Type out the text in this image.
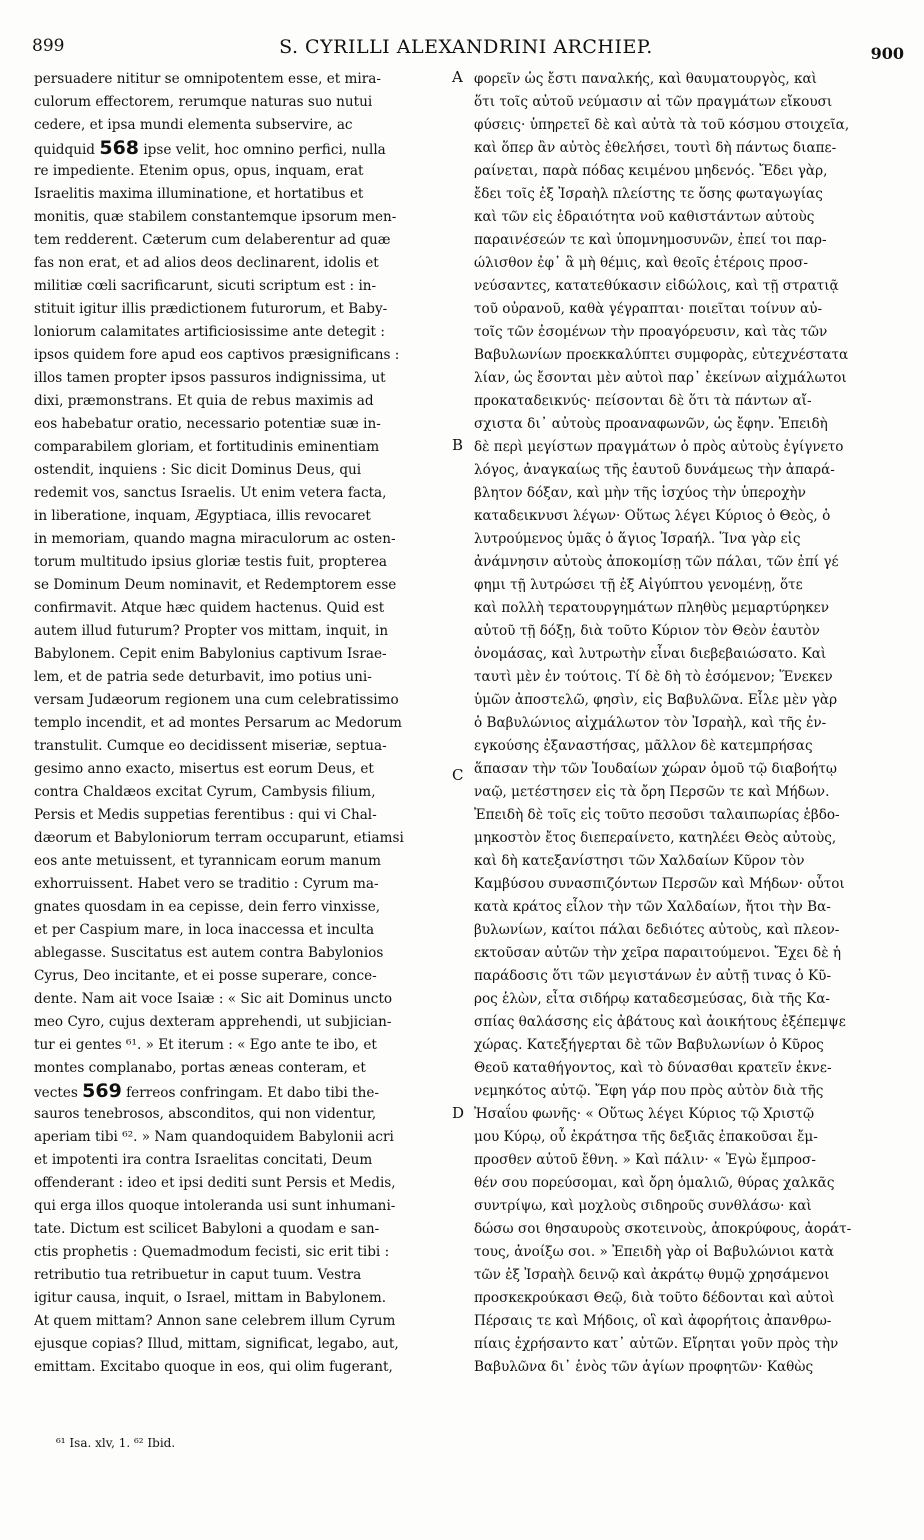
899	S. CYRILLI ALEXANDRINI ARCHIEP.	900
persuadere nititur se omnipotentem esse, et mira-
culorum effectorem, rerumque naturas suo nutui
cedere, et ipsa mundi elementa subservire, ac
quidquid 568 ipse velit, hoc omnino perfici, nulla
re impediente. Etenim opus, opus, inquam, erat
Israelitis maxima illuminatione, et hortatibus et
monitis, quæ stabilem constantemque ipsorum men-
tem redderent. Cæterum cum delaberentur ad quæ
fas non erat, et ad alios deos declinarent, idolis et
militiæ cœli sacrificarunt, sicuti scriptum est : in-
stituit igitur illis prædictionem futurorum, et Baby-
loniorum calamitates artificiosissime ante detegit :
ipsos quidem fore apud eos captivos præsignificans :
illos tamen propter ipsos passuros indignissima, ut
dixi, præmonstrans. Et quia de rebus maximis ad
eos habebatur oratio, necessario potentiæ suæ in-
comparabilem gloriam, et fortitudinis eminentiam
ostendit, inquiens : Sic dicit Dominus Deus, qui
redemit vos, sanctus Israelis. Ut enim vetera facta,
in liberatione, inquam, Ægyptiaca, illis revocaret
in memoriam, quando magna miraculorum ac osten-
torum multitudo ipsius gloriæ testis fuit, propterea
se Dominum Deum nominavit, et Redemptorem esse
confirmavit. Atque hæc quidem hactenus. Quid est
autem illud futurum? Propter vos mittam, inquit, in
Babylonem. Cepit enim Babylonius captivum Israe-
lem, et de patria sede deturbavit, imo potius uni-
versam Judæorum regionem una cum celebratissimo
templo incendit, et ad montes Persarum ac Medorum
transtulit. Cumque eo decidissent miseriæ, septua-
gesimo anno exacto, misertus est eorum Deus, et
contra Chaldæos excitat Cyrum, Cambysis filium,
Persis et Medis suppetias ferentibus : qui vi Chal-
dæorum et Babyloniorum terram occuparunt, etiamsi
eos ante metuissent, et tyrannicam eorum manum
exhorruissent. Habet vero se traditio : Cyrum ma-
gnates quosdam in ea cepisse, dein ferro vinxisse,
et per Caspium mare, in loca inaccessa et inculta
ablegasse. Suscitatus est autem contra Babylonios
Cyrus, Deo incitante, et ei posse superare, conce-
dente. Nam ait voce Isaiæ : « Sic ait Dominus uncto
meo Cyro, cujus dexteram apprehendi, ut subjician-
tur ei gentes ⁶¹. » Et iterum : « Ego ante te ibo, et
montes complanabo, portas æneas conteram, et
vectes 569 ferreos confringam. Et dabo tibi the-
sauros tenebrosos, absconditos, qui non videntur,
aperiam tibi ⁶². » Nam quandoquidem Babylonii acri
et impotenti ira contra Israelitas concitati, Deum
offenderant : ideo et ipsi dediti sunt Persis et Medis,
qui erga illos quoque intoleranda usi sunt inhumani-
tate. Dictum est scilicet Babyloni a quodam e san-
ctis prophetis : Quemadmodum fecisti, sic erit tibi :
retributio tua retribuetur in caput tuum. Vestra
igitur causa, inquit, o Israel, mittam in Babylonem.
At quem mittam? Annon sane celebrem illum Cyrum
ejusque copias? Illud, mittam, significat, legabo, aut,
emittam. Excitabo quoque in eos, qui olim fugerant,
φορεῖν ὡς ἔστι παναλκής, καὶ θαυματουργὸς, καὶ
ὅτι τοῖς αὐτοῦ νεύμασιν αἱ τῶν πραγμάτων εἴκουσι
φύσεις· ὑπηρετεῖ δὲ καὶ αὐτὰ τὰ τοῦ κόσμου στοιχεῖα,
καὶ ὅπερ ἂν αὐτὸς ἐθελήσει, τουτὶ δὴ πάντως διαπε-
ραίνεται, παρὰ πόδας κειμένου μηδενός. Ἔδει γὰρ,
ἔδει τοῖς ἐξ Ἰσραὴλ πλείστης τε ὅσης φωταγωγίας
καὶ τῶν εἰς ἑδραιότητα νοῦ καθιστάντων αὐτοὺς
παραινέσεών τε καὶ ὑπομνημοσυνῶν, ἐπεί τοι παρ-
ώλισθον ἐφ᾽ ἃ μὴ θέμις, καὶ θεοῖς ἑτέροις προσ-
νεύσαντες, κατατεθύκασιν εἰδώλοις, καὶ τῇ στρατιᾷ
τοῦ οὐρανοῦ, καθὰ γέγραπται· ποιεῖται τοίνυν αὐ-
τοῖς τῶν ἐσομένων τὴν προαγόρευσιν, καὶ τὰς τῶν
Βαβυλωνίων προεκκαλύπτει συμφορὰς, εὐτεχνέστατα
λίαν, ὡς ἔσονται μὲν αὐτοὶ παρ᾽ ἐκείνων αἰχμάλωτοι
προκαταδεικνύς· πείσονται δὲ ὅτι τὰ πάντων αἴ-
σχιστα δι᾽ αὐτοὺς προαναφωνῶν, ὡς ἔφην. Ἐπειδὴ
δὲ περὶ μεγίστων πραγμάτων ὁ πρὸς αὐτοὺς ἐγίγνετο
λόγος, ἀναγκαίως τῆς ἑαυτοῦ δυνάμεως τὴν ἀπαρά-
βλητον δόξαν, καὶ μὴν τῆς ἰσχύος τὴν ὑπεροχὴν
καταδεικνυσι λέγων· Οὕτως λέγει Κύριος ὁ Θεὸς, ὁ
λυτρούμενος ὑμᾶς ὁ ἅγιος Ἰσραήλ. Ἵνα γὰρ εἰς
ἀνάμνησιν αὐτοὺς ἀποκομίσῃ τῶν πάλαι, τῶν ἐπί γέ
φημι τῇ λυτρώσει τῇ ἐξ Αἰγύπτου γενομένῃ, ὅτε
καὶ πολλὴ τερατουργημάτων πληθὺς μεμαρτύρηκεν
αὐτοῦ τῇ δόξῃ, διὰ τοῦτο Κύριον τὸν Θεὸν ἑαυτὸν
ὀνομάσας, καὶ λυτρωτὴν εἶναι διεβεβαιώσατο. Καὶ
ταυτὶ μὲν ἐν τούτοις. Τί δὲ δὴ τὸ ἐσόμενον; Ἕνεκεν
ὑμῶν ἀποστελῶ, φησὶν, εἰς Βαβυλῶνα. Εἷλε μὲν γὰρ
ὁ Βαβυλώνιος αἰχμάλωτον τὸν Ἰσραὴλ, καὶ τῆς ἐν-
εγκούσης ἐξαναστήσας, μᾶλλον δὲ κατεμπρήσας
ἅπασαν τὴν τῶν Ἰουδαίων χώραν ὁμοῦ τῷ διαβοήτῳ
ναῷ, μετέστησεν εἰς τὰ ὄρη Περσῶν τε καὶ Μήδων.
Ἐπειδὴ δὲ τοῖς εἰς τοῦτο πεσοῦσι ταλαιπωρίας ἑβδο-
μηκοστὸν ἔτος διεπεραίνετο, κατηλέει Θεὸς αὐτοὺς,
καὶ δὴ κατεξανίστησι τῶν Χαλδαίων Κῦρον τὸν
Καμβύσου συνασπιζόντων Περσῶν καὶ Μήδων· οὗτοι
κατὰ κράτος εἷλον τὴν τῶν Χαλδαίων, ἤτοι τὴν Βα-
βυλωνίων, καίτοι πάλαι δεδιότες αὐτοὺς, καὶ πλεον-
εκτοῦσαν αὐτῶν τὴν χεῖρα παραιτούμενοι. Ἔχει δὲ ἡ
παράδοσις ὅτι τῶν μεγιστάνων ἐν αὐτῇ τινας ὁ Κῦ-
ρος ἑλὼν, εἶτα σιδήρῳ καταδεσμεύσας, διὰ τῆς Κα-
σπίας θαλάσσης εἰς ἀβάτους καὶ ἀοικήτους ἐξέπεμψε
χώρας. Κατεξήγερται δὲ τῶν Βαβυλωνίων ὁ Κῦρος
Θεοῦ καταθήγοντος, καὶ τὸ δύνασθαι κρατεῖν ἐκνε-
νεμηκότος αὐτῷ. Ἔφη γάρ που πρὸς αὐτὸν διὰ τῆς
Ἠσαΐου φωνῆς· « Οὕτως λέγει Κύριος τῷ Χριστῷ
μου Κύρῳ, οὗ ἐκράτησα τῆς δεξιᾶς ἐπακοῦσαι ἔμ-
προσθεν αὐτοῦ ἔθνη. » Καὶ πάλιν· « Ἐγὼ ἔμπροσ-
θέν σου πορεύσομαι, καὶ ὄρη ὁμαλιῶ, θύρας χαλκᾶς
συντρίψω, καὶ μοχλοὺς σιδηροῦς συνθλάσω· καὶ
δώσω σοι θησαυροὺς σκοτεινοὺς, ἀποκρύφους, ἀοράτ-
τους, ἀνοίξω σοι. » Ἐπειδὴ γὰρ οἱ Βαβυλώνιοι κατὰ
τῶν ἐξ Ἰσραὴλ δεινῷ καὶ ἀκράτῳ θυμῷ χρησάμενοι
προσκεκρούκασι Θεῷ, διὰ τοῦτο δέδονται καὶ αὐτοὶ
Πέρσαις τε καὶ Μήδοις, οἳ καὶ ἀφορήτοις ἀπανθρω-
πίαις ἐχρήσαντο κατ᾽ αὐτῶν. Εἴρηται γοῦν πρὸς τὴν
Βαβυλῶνα δι᾽ ἑνὸς τῶν ἁγίων προφητῶν· Καθὼς
A
B
C
D
⁶¹ Isa. xlv, 1. ⁶² Ibid.
